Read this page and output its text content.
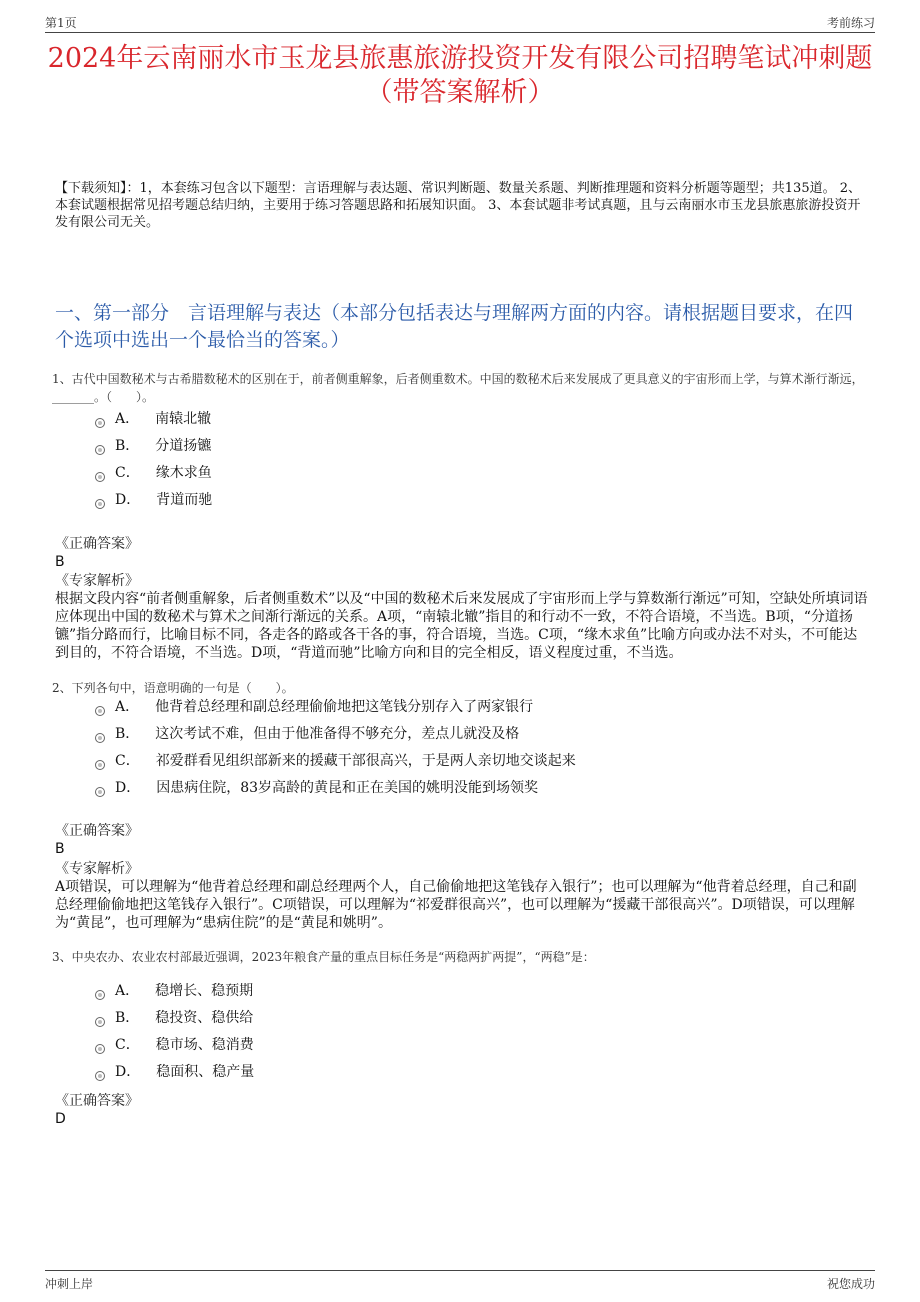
第1页	考前练习
2024年云南丽水市玉龙县旅惠旅游投资开发有限公司招聘笔试冲刺题（带答案解析）
【下载须知】：1，本套练习包含以下题型：言语理解与表达题、常识判断题、数量关系题、判断推理题和资料分析题等题型；共135道。 2、本套试题根据常见招考题总结归纳，主要用于练习答题思路和拓展知识面。 3、本套试题非考试真题，且与云南丽水市玉龙县旅惠旅游投资开发有限公司无关。
一、第一部分　言语理解与表达（本部分包括表达与理解两方面的内容。请根据题目要求，在四个选项中选出一个最恰当的答案。）
1、古代中国数秘术与古希腊数秘术的区别在于，前者侧重解象，后者侧重数术。中国的数秘术后来发展成了更具意义的宇宙形而上学，与算术渐行渐远，_______。（　　）。
A． 南辕北辙
B． 分道扬镳
C． 缘木求鱼
D． 背道而驰
《正确答案》
B
《专家解析》
根据文段内容“前者侧重解象，后者侧重数术”以及“中国的数秘术后来发展成了宇宙形而上学与算数渐行渐远”可知，空缺处所填词语应体现出中国的数秘术与算术之间渐行渐远的关系。A项，“南辕北辙”指目的和行动不一致，不符合语境，不当选。B项，“分道扬镳”指分路而行，比喻目标不同，各走各的路或各干各的事，符合语境，当选。C项，“缘木求鱼”比喻方向或办法不对头，不可能达到目的，不符合语境，不当选。D项，“背道而驰”比喻方向和目的完全相反，语义程度过重，不当选。
2、下列各句中，语意明确的一句是（　　）。
A． 他背着总经理和副总经理偷偷地把这笔钱分别存入了两家银行
B． 这次考试不难，但由于他准备得不够充分，差点儿就没及格
C． 祁爱群看见组织部新来的援藏干部很高兴，于是两人亲切地交谈起来
D． 因患病住院，83岁高龄的黄昆和正在美国的姚明没能到场领奖
《正确答案》
B
《专家解析》
A项错误，可以理解为“他背着总经理和副总经理两个人，自己偷偷地把这笔钱存入银行”；也可以理解为“他背着总经理，自己和副总经理偷偷地把这笔钱存入银行”。C项错误，可以理解为“祁爱群很高兴”，也可以理解为“援藏干部很高兴”。D项错误，可以理解为“黄昆”，也可理解为“患病住院”的是“黄昆和姚明”。
3、中央农办、农业农村部最近强调，2023年粮食产量的重点目标任务是“两稳两扩两提”，“两稳”是：
A． 稳增长、稳预期
B． 稳投资、稳供给
C． 稳市场、稳消费
D． 稳面积、稳产量
《正确答案》
D
冲刺上岸	祝您成功
